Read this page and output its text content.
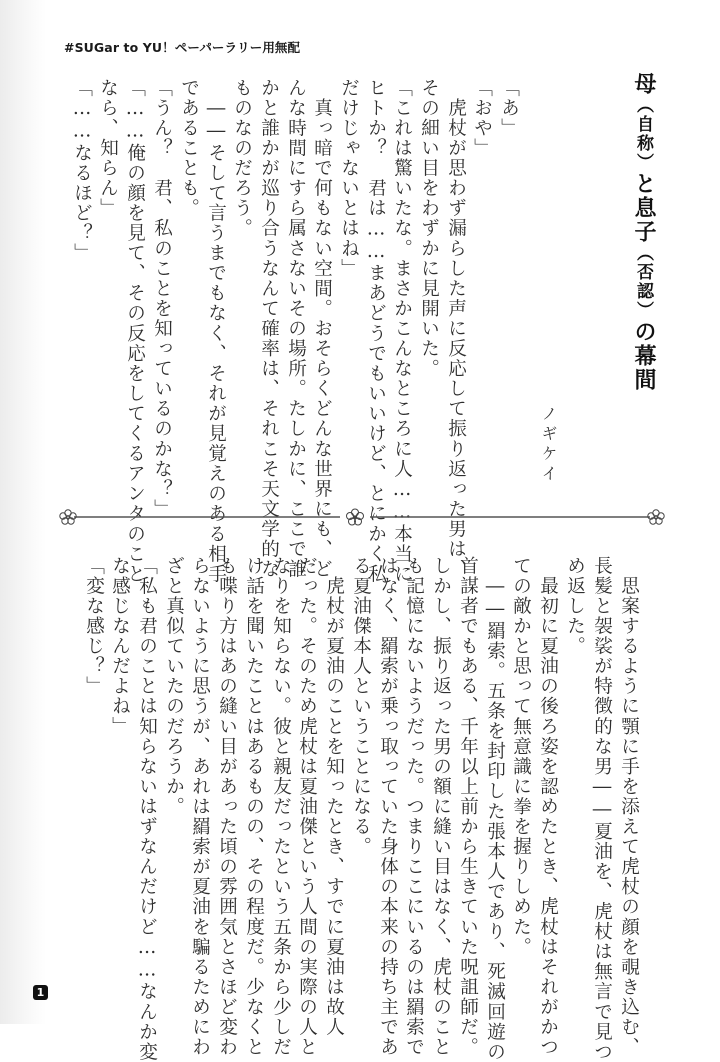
#SUGar to YU！ペーパーラリー用無配
母（自称）と息子（否認）の幕間
ノギケイ
「あ」
「おや」
　虎杖が思わず漏らした声に反応して振り返った男は、
その細い目をわずかに見開いた。
「これは驚いたな。まさかこんなところに人……本当に
ヒトか？　君は……まあどうでもいいけど、とにかく私
だけじゃないとはね」
　真っ暗で何もない空間。おそらくどんな世界にも、ど
んな時間にすら属さないその場所。たしかに、ここで誰
かと誰かが巡り合うなんて確率は、それこそ天文学的な
ものなのだろう。
　――そして言うまでもなく、それが見覚えのある相手
であることも。
「うん？　君、私のことを知っているのかな？」
「……俺の顔を見て、その反応をしてくるアンタのこと
なら、知らん」
「……なるほど？」
　思案するように顎に手を添えて虎杖の顔を覗き込む、
長髪と袈裟が特徴的な男――夏油を、虎杖は無言で見つ
め返した。
　最初に夏油の後ろ姿を認めたとき、虎杖はそれがかつ
ての敵かと思って無意識に拳を握りしめた。
　――羂索。五条を封印した張本人であり、死滅回遊の
首謀者でもある、千年以上前から生きていた呪詛師だ。
しかし、振り返った男の額に縫い目はなく、虎杖のこと
も記憶にないようだった。つまりここにいるのは羂索で
はなく、羂索が乗っ取っていた身体の本来の持ち主であ
る夏油傑本人ということになる。
　虎杖が夏油のことを知ったとき、すでに夏油は故人
だった。そのため虎杖は夏油傑という人間の実際の人と
なりを知らない。彼と親友だったという五条から少しだ
け話を聞いたことはあるものの、その程度だ。少なくと
も喋り方はあの縫い目があった頃の雰囲気とさほど変わ
らないように思うが、あれは羂索が夏油を騙るためにわ
ざと真似ていたのだろうか。
「私も君のことは知らないはずなんだけど……なんか変
な感じなんだよね」
「変な感じ？」
1
